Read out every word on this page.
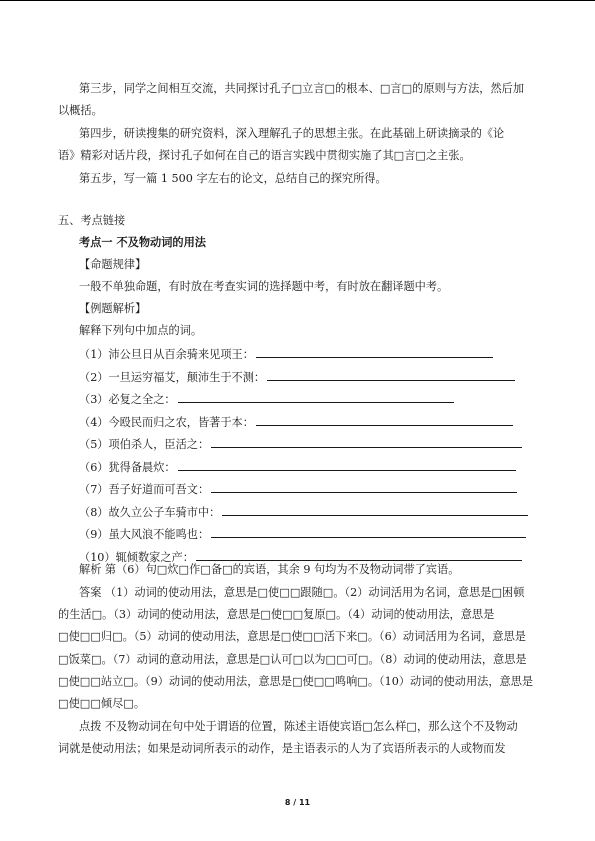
第三步，同学之间相互交流，共同探讨孔子□立言□的根本、□言□的原则与方法，然后加
以概括。
第四步，研读搜集的研究资料，深入理解孔子的思想主张。在此基础上研读摘录的《论
语》精彩对话片段，探讨孔子如何在自己的语言实践中贯彻实施了其□言□之主张。
第五步，写一篇 1 500 字左右的论文，总结自己的探究所得。
五、考点链接
考点一 不及物动词的用法
【命题规律】
一般不单独命题，有时放在考查实词的选择题中考，有时放在翻译题中考。
【例题解析】
解释下列句中加点的词。
（1）沛公旦日从百余骑来见项王：
（2）一旦运穷福艾，颠沛生于不测：
（3）必复之全之：
（4）今殴民而归之农，皆著于本：
（5）项伯杀人，臣活之：
（6）犹得备晨炊：
（7）吾子好道而可吾文：
（8）故久立公子车骑市中：
（9）虽大风浪不能鸣也：
（10）辄倾数家之产：
解析 第（6）句□炊□作□备□的宾语，其余 9 句均为不及物动词带了宾语。
答案 （1）动词的使动用法，意思是□使□□跟随□。（2）动词活用为名词，意思是□困顿
的生活□。（3）动词的使动用法，意思是□使□□复原□。（4）动词的使动用法，意思是
□使□□归□。（5）动词的使动用法，意思是□使□□活下来□。（6）动词活用为名词，意思是
□饭菜□。（7）动词的意动用法，意思是□认可□以为□□可□。（8）动词的使动用法，意思是
□使□□站立□。（9）动词的使动用法，意思是□使□□鸣响□。（10）动词的使动用法，意思是
□使□□倾尽□。
点拨 不及物动词在句中处于谓语的位置，陈述主语使宾语□怎么样□，那么这个不及物动
词就是使动用法；如果是动词所表示的动作，是主语表示的人为了宾语所表示的人或物而发
8 / 11
